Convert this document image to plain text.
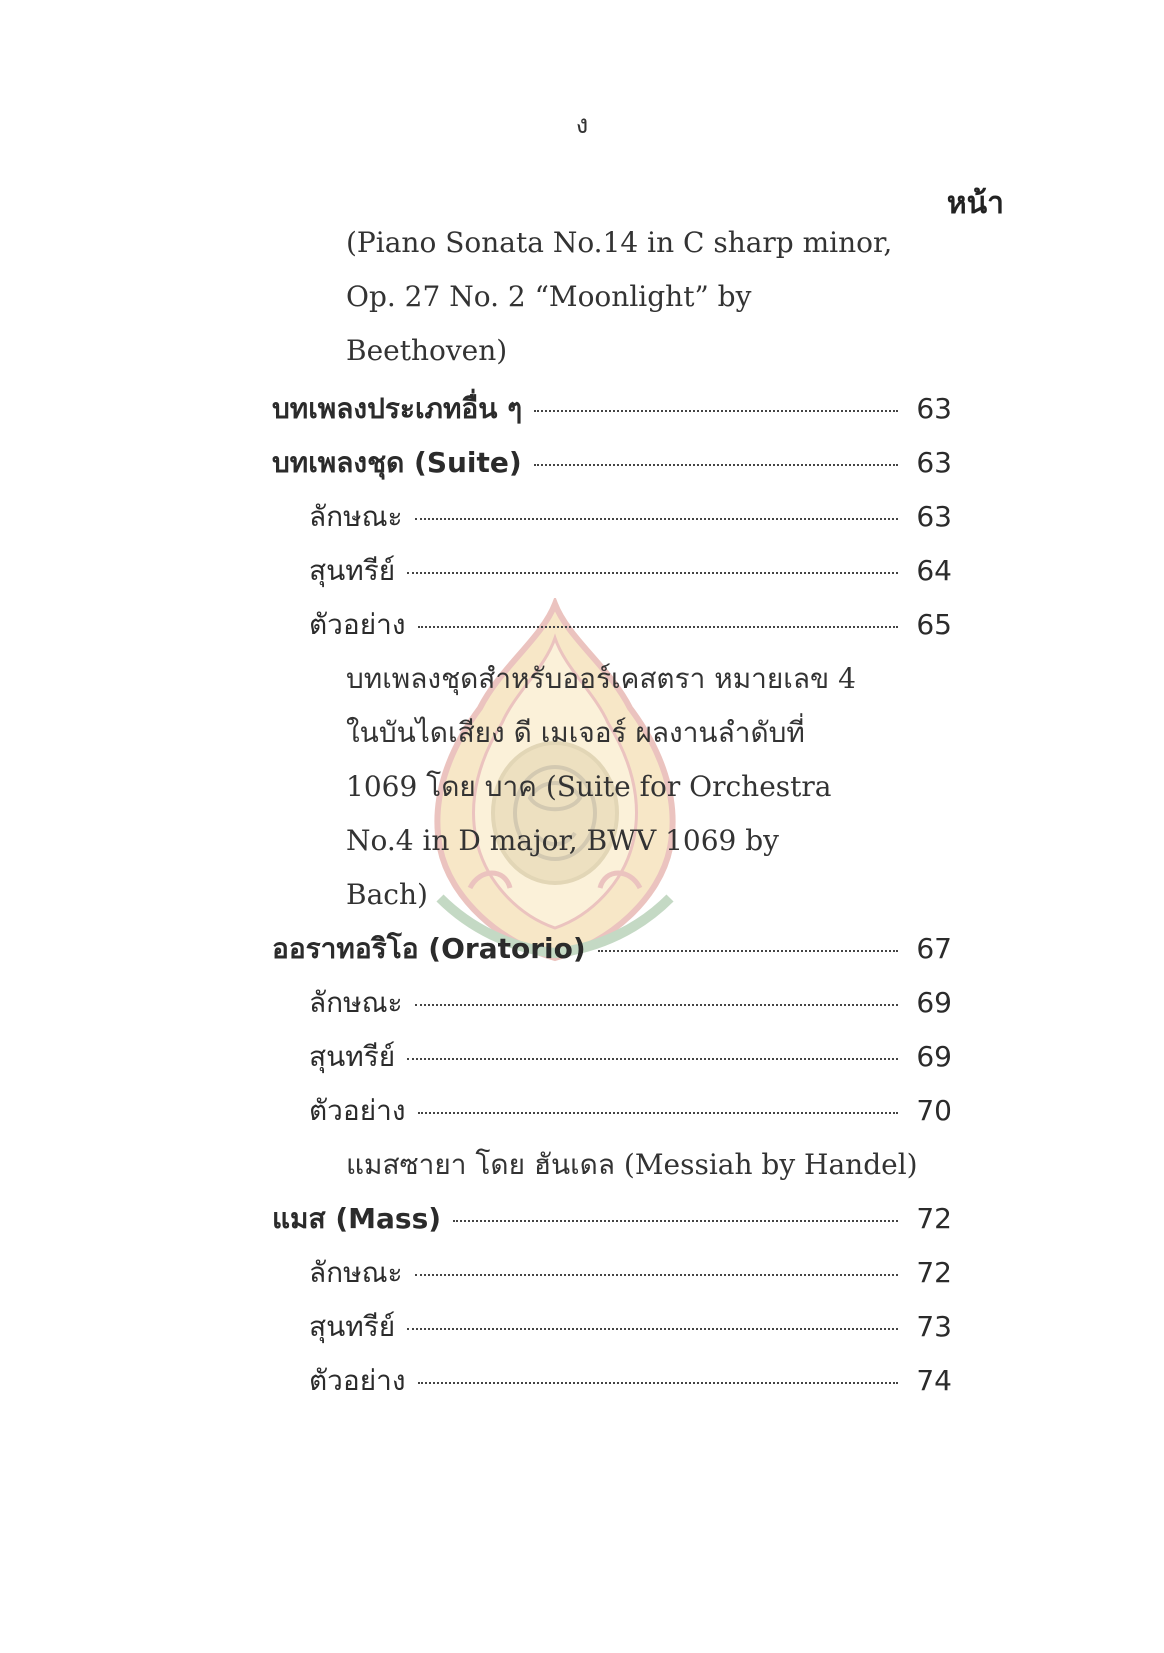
ง
หน้า
(Piano Sonata No.14 in C sharp minor,
Op. 27 No. 2 “Moonlight” by
Beethoven)
บทเพลงประเภทอื่น ๆ	63
บทเพลงชุด (Suite)	63
ลักษณะ	63
สุนทรีย์	64
ตัวอย่าง	65
บทเพลงชุดสำหรับออร์เคสตรา หมายเลข 4
ในบันไดเสียง ดี เมเจอร์ ผลงานลำดับที่
1069 โดย บาค (Suite for Orchestra
No.4 in D major, BWV 1069 by
Bach)
ออราทอริโอ (Oratorio)	67
ลักษณะ	69
สุนทรีย์	69
ตัวอย่าง	70
แมสซายา โดย ฮันเดล (Messiah by Handel)
แมส (Mass)	72
ลักษณะ	72
สุนทรีย์	73
ตัวอย่าง	74
